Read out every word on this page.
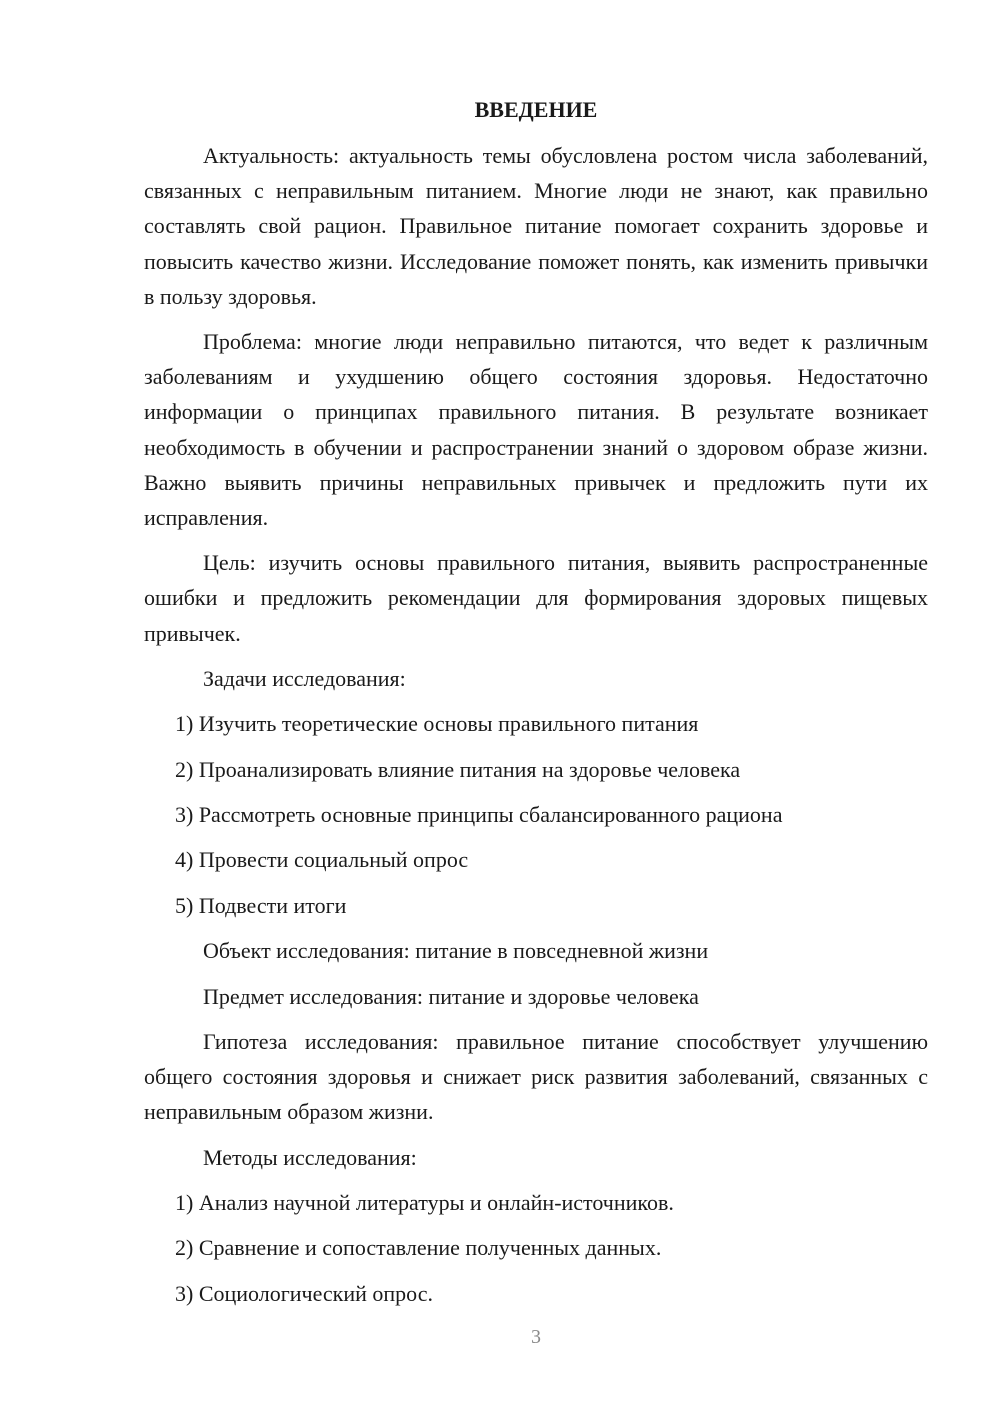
ВВЕДЕНИЕ

Актуальность: актуальность темы обусловлена ростом числа заболеваний, связанных с неправильным питанием. Многие люди не знают, как правильно составлять свой рацион. Правильное питание помогает сохранить здоровье и повысить качество жизни. Исследование поможет понять, как изменить привычки в пользу здоровья.

Проблема: многие люди неправильно питаются, что ведет к различным заболеваниям и ухудшению общего состояния здоровья. Недостаточно информации о принципах правильного питания. В результате возникает необходимость в обучении и распространении знаний о здоровом образе жизни. Важно выявить причины неправильных привычек и предложить пути их исправления.

Цель: изучить основы правильного питания, выявить распространенные ошибки и предложить рекомендации для формирования здоровых пищевых привычек.

Задачи исследования:
1) Изучить теоретические основы правильного питания
2) Проанализировать влияние питания на здоровье человека
3) Рассмотреть основные принципы сбалансированного рациона
4) Провести социальный опрос
5) Подвести итоги
Объект исследования: питание в повседневной жизни
Предмет исследования: питание и здоровье человека

Гипотеза исследования: правильное питание способствует улучшению общего состояния здоровья и снижает риск развития заболеваний, связанных с неправильным образом жизни.

Методы исследования:
1) Анализ научной литературы и онлайн-источников.
2) Сравнение и сопоставление полученных данных.
3) Социологический опрос.
3
